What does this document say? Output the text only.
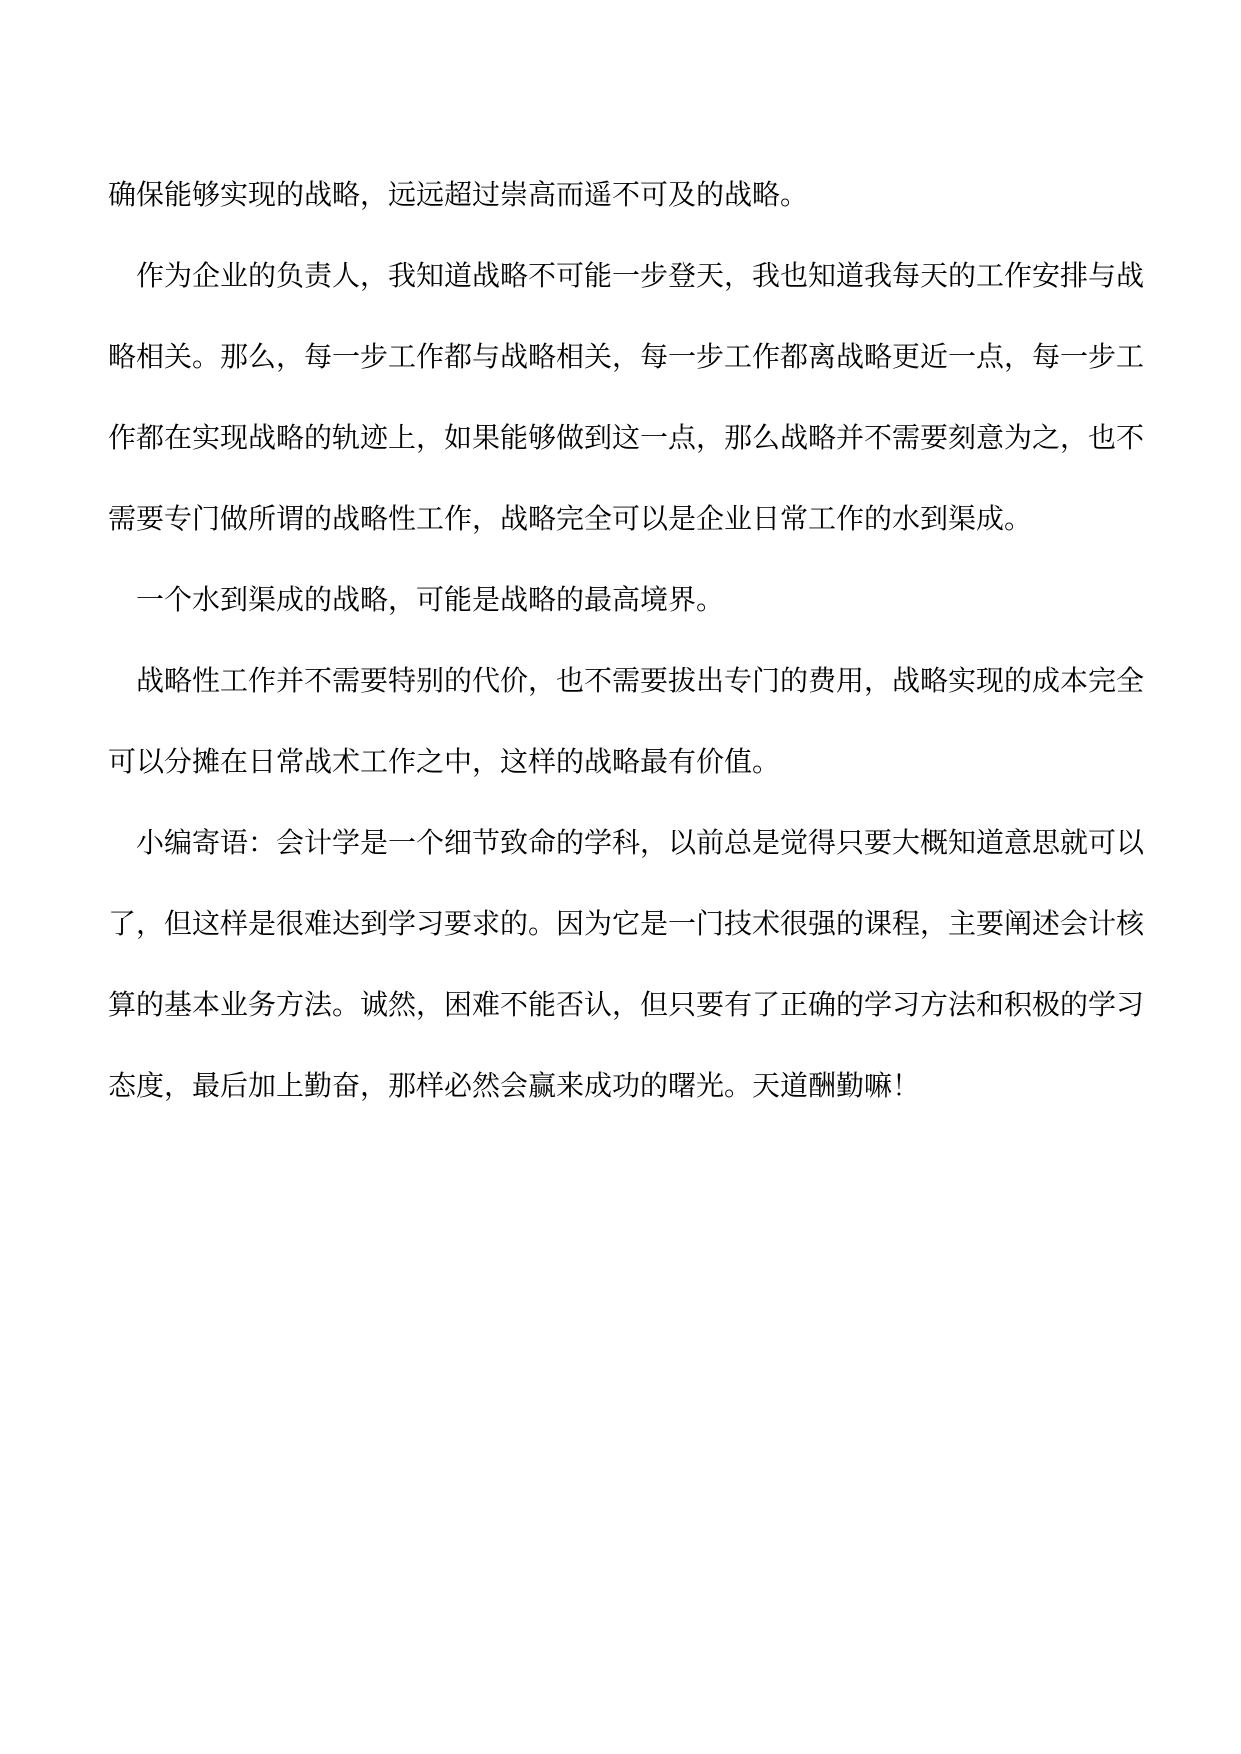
确保能够实现的战略，远远超过崇高而遥不可及的战略。

作为企业的负责人，我知道战略不可能一步登天，我也知道我每天的工作安排与战略相关。那么，每一步工作都与战略相关，每一步工作都离战略更近一点，每一步工作都在实现战略的轨迹上，如果能够做到这一点，那么战略并不需要刻意为之，也不需要专门做所谓的战略性工作，战略完全可以是企业日常工作的水到渠成。

一个水到渠成的战略，可能是战略的最高境界。

战略性工作并不需要特别的代价，也不需要拔出专门的费用，战略实现的成本完全可以分摊在日常战术工作之中，这样的战略最有价值。

小编寄语：会计学是一个细节致命的学科，以前总是觉得只要大概知道意思就可以了，但这样是很难达到学习要求的。因为它是一门技术很强的课程，主要阐述会计核算的基本业务方法。诚然，困难不能否认，但只要有了正确的学习方法和积极的学习态度，最后加上勤奋，那样必然会赢来成功的曙光。天道酬勤嘛！
